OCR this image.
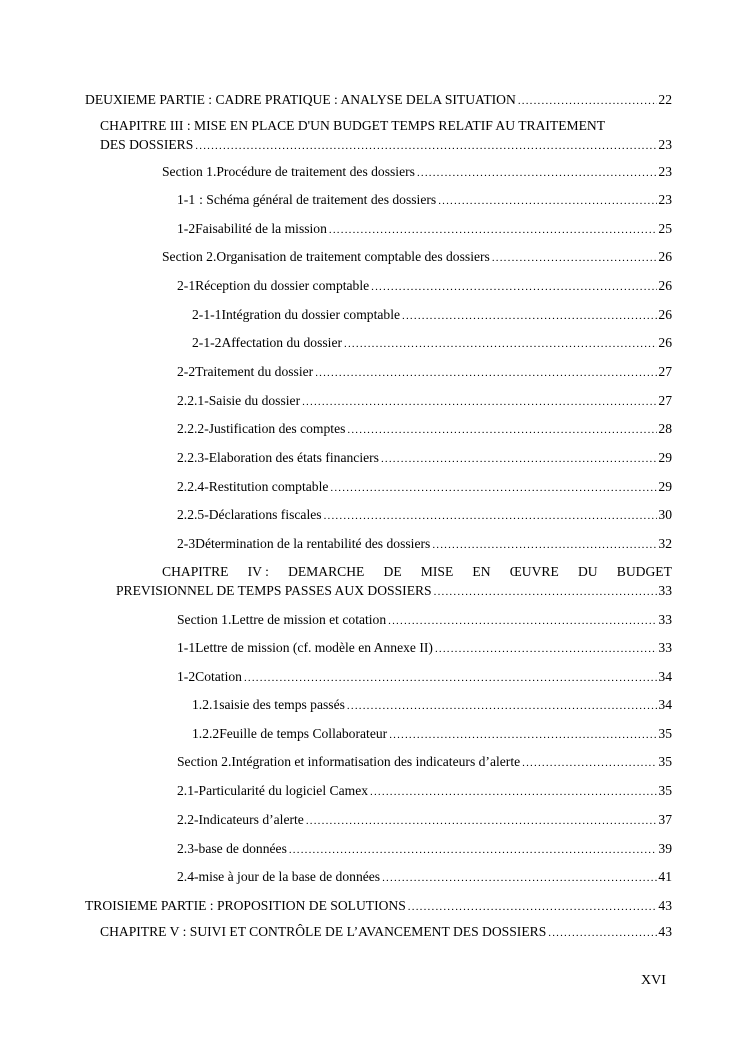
DEUXIEME PARTIE : CADRE PRATIQUE : ANALYSE DELA SITUATION .....	22
CHAPITRE III : MISE EN PLACE D'UN BUDGET TEMPS RELATIF AU TRAITEMENT
DES DOSSIERS .....	23
Section 1. Procédure de traitement des dossiers .....	23
1-1 : Schéma général de traitement des dossiers .....	23
1-2 Faisabilité de la mission .....	25
Section 2. Organisation de traitement comptable des dossiers .....	26
2-1 Réception du dossier comptable .....	26
2-1-1 Intégration du dossier comptable .....	26
2-1-2 Affectation du dossier .....	26
2-2 Traitement du dossier .....	27
2.2.1- Saisie du dossier .....	27
2.2.2- Justification des comptes .....	28
2.2.3- Elaboration des états financiers .....	29
2.2.4- Restitution comptable .....	29
2.2.5- Déclarations fiscales .....	30
2-3 Détermination de la rentabilité des dossiers .....	32
CHAPITRE IV : DEMARCHE DE MISE EN ŒUVRE DU BUDGET
PREVISIONNEL DE TEMPS PASSES AUX DOSSIERS .....	33
Section 1. Lettre de mission et cotation .....	33
1-1 Lettre de mission (cf. modèle en Annexe II) .....	33
1-2 Cotation .....	34
1.2.1 saisie des temps passés .....	34
1.2.2 Feuille de temps Collaborateur .....	35
Section 2. Intégration et informatisation des indicateurs d’alerte .....	35
2.1- Particularité du logiciel Camex .....	35
2.2- Indicateurs d’alerte .....	37
2.3- base de données .....	39
2.4- mise à jour de la base de données .....	41
TROISIEME PARTIE : PROPOSITION DE SOLUTIONS .....	43
CHAPITRE V : SUIVI ET CONTRÔLE DE L’AVANCEMENT DES DOSSIERS .....	43
XVI
